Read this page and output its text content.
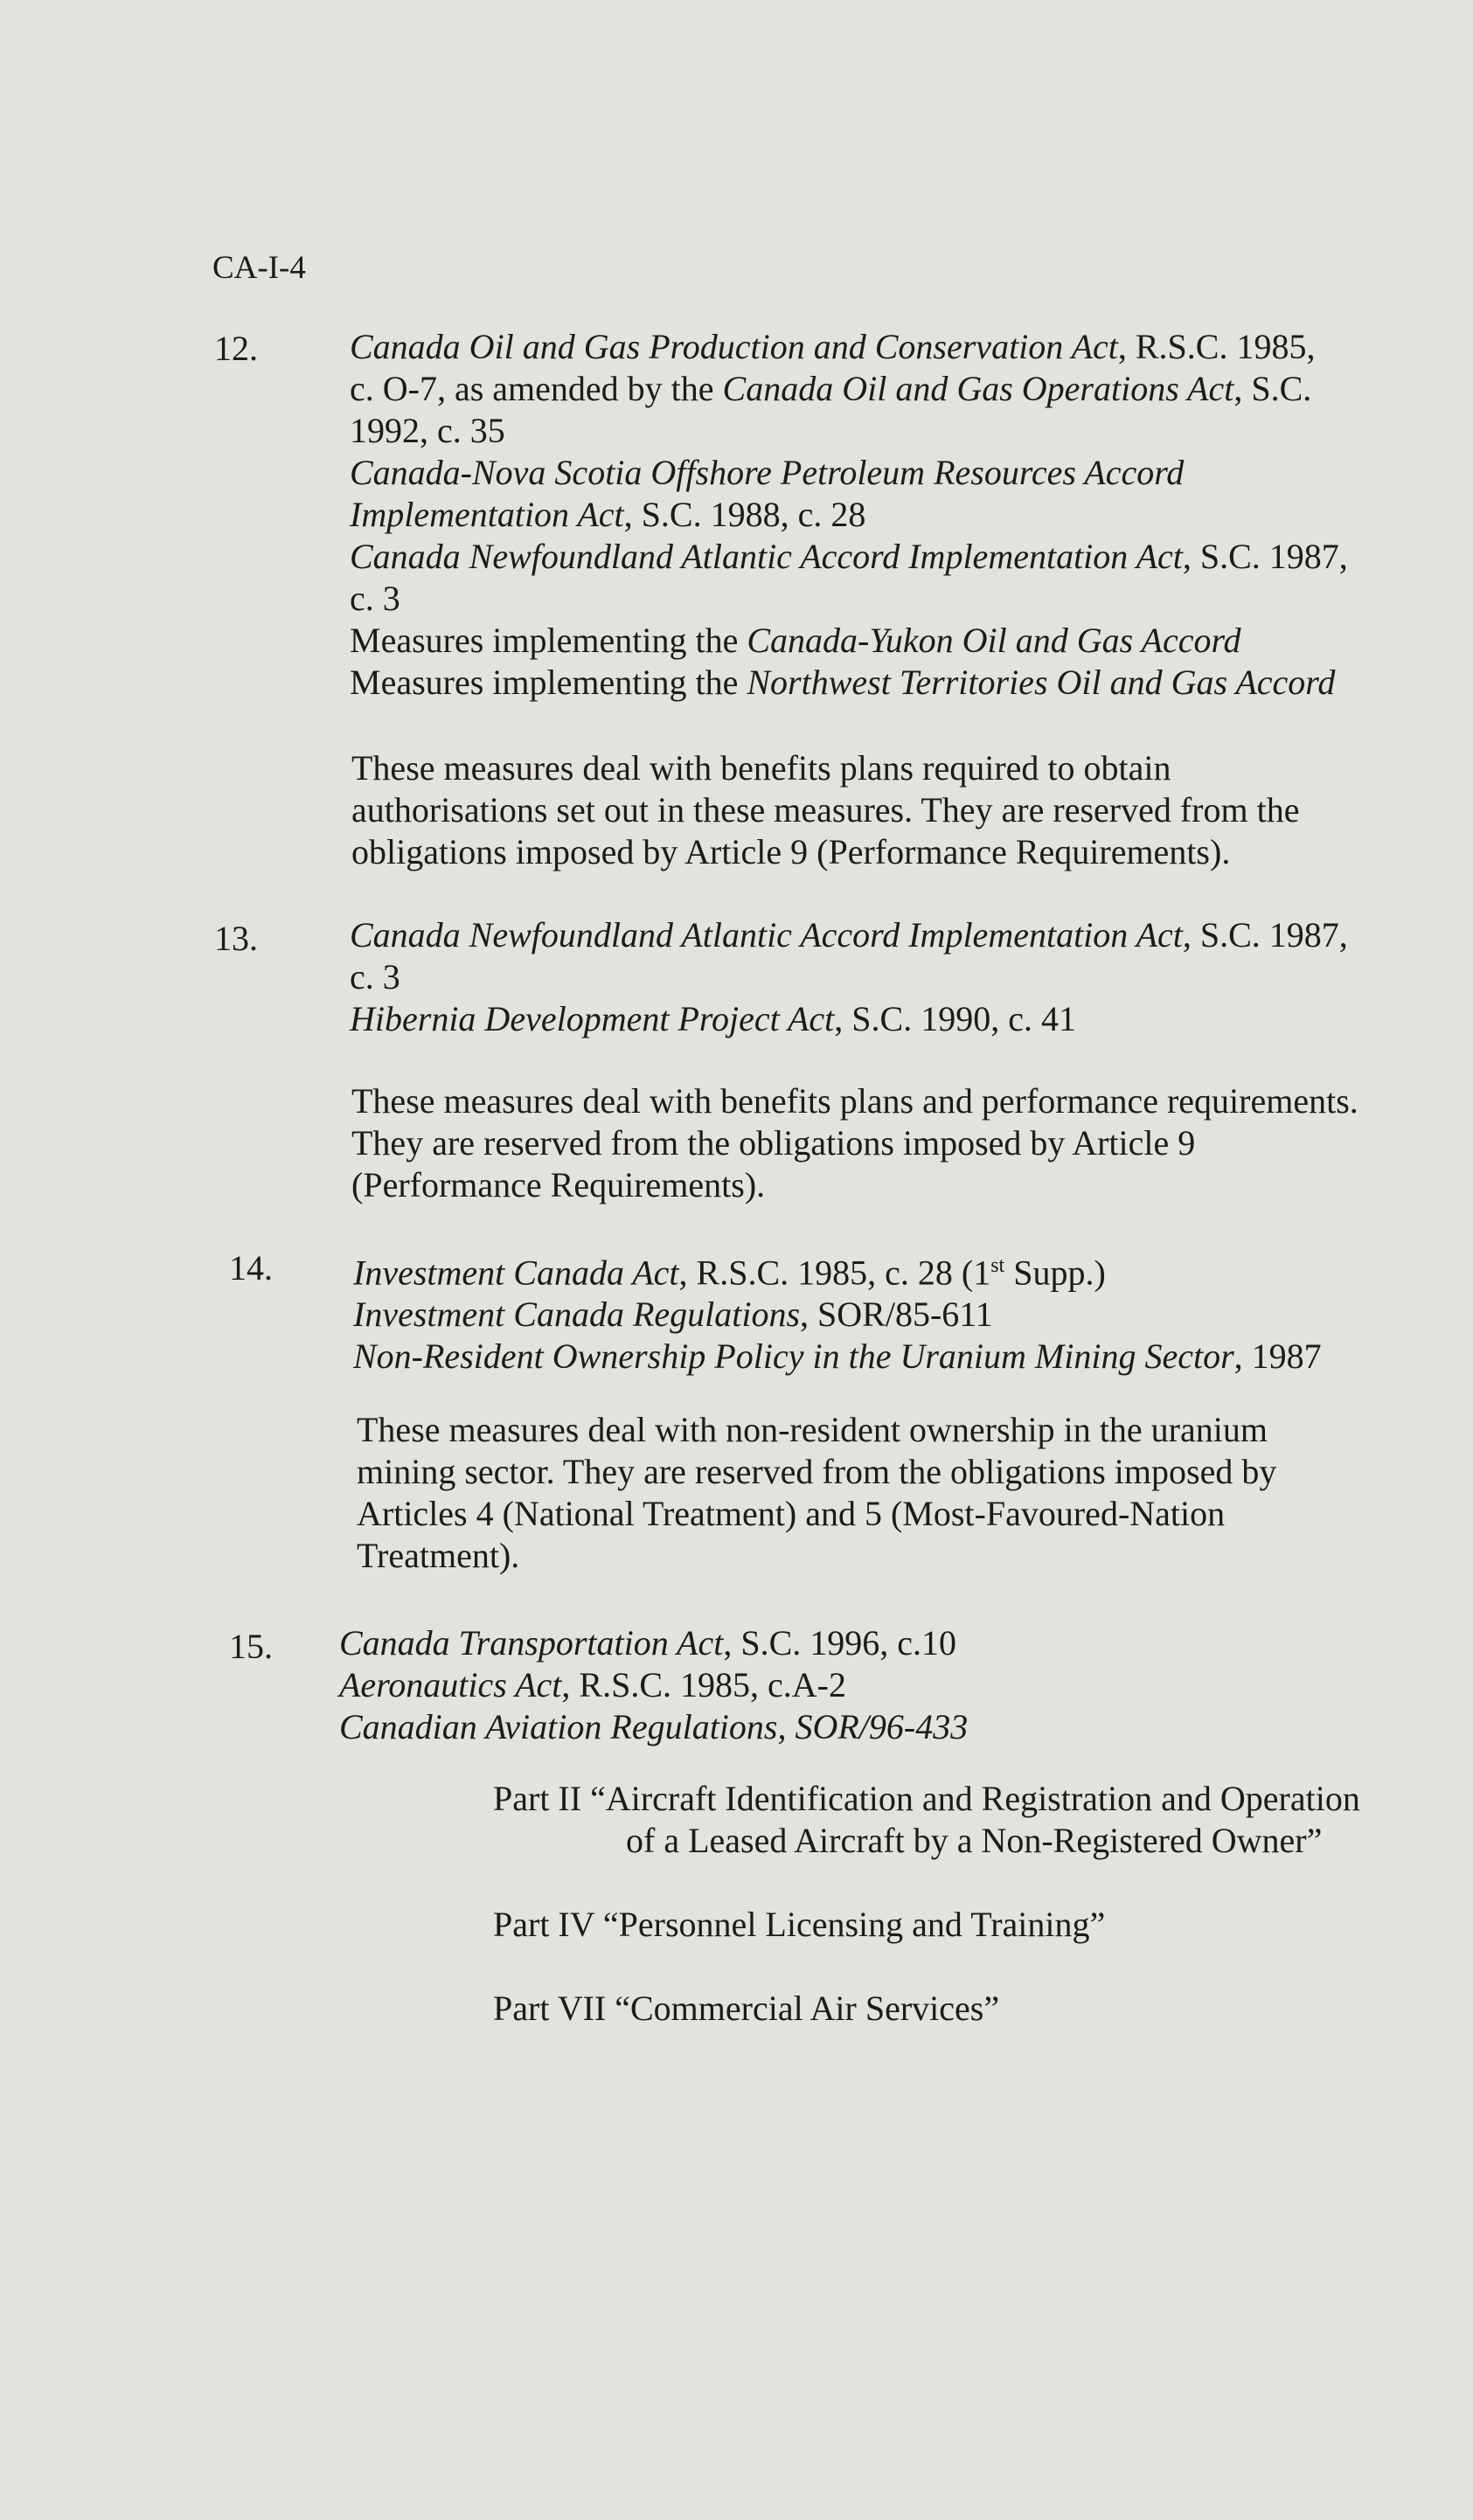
CA-I-4
12.	Canada Oil and Gas Production and Conservation Act, R.S.C. 1985,
c. O-7, as amended by the Canada Oil and Gas Operations Act, S.C.
1992, c. 35
Canada-Nova Scotia Offshore Petroleum Resources Accord
Implementation Act, S.C. 1988, c. 28
Canada Newfoundland Atlantic Accord Implementation Act, S.C. 1987,
c. 3
Measures implementing the Canada-Yukon Oil and Gas Accord
Measures implementing the Northwest Territories Oil and Gas Accord
These measures deal with benefits plans required to obtain
authorisations set out in these measures. They are reserved from the
obligations imposed by Article 9 (Performance Requirements).
13.	Canada Newfoundland Atlantic Accord Implementation Act, S.C. 1987,
c. 3
Hibernia Development Project Act, S.C. 1990, c. 41
These measures deal with benefits plans and performance requirements.
They are reserved from the obligations imposed by Article 9
(Performance Requirements).
14. Investment Canada Act, R.S.C. 1985, c. 28 (1st Supp.)
Investment Canada Regulations, SOR/85-611
Non-Resident Ownership Policy in the Uranium Mining Sector, 1987
These measures deal with non-resident ownership in the uranium
mining sector. They are reserved from the obligations imposed by
Articles 4 (National Treatment) and 5 (Most-Favoured-Nation
Treatment).
15. Canada Transportation Act, S.C. 1996, c.10
Aeronautics Act, R.S.C. 1985, c.A-2
Canadian Aviation Regulations, SOR/96-433
Part II “Aircraft Identification and Registration and Operation
of a Leased Aircraft by a Non-Registered Owner”
Part IV “Personnel Licensing and Training”
Part VII “Commercial Air Services”
